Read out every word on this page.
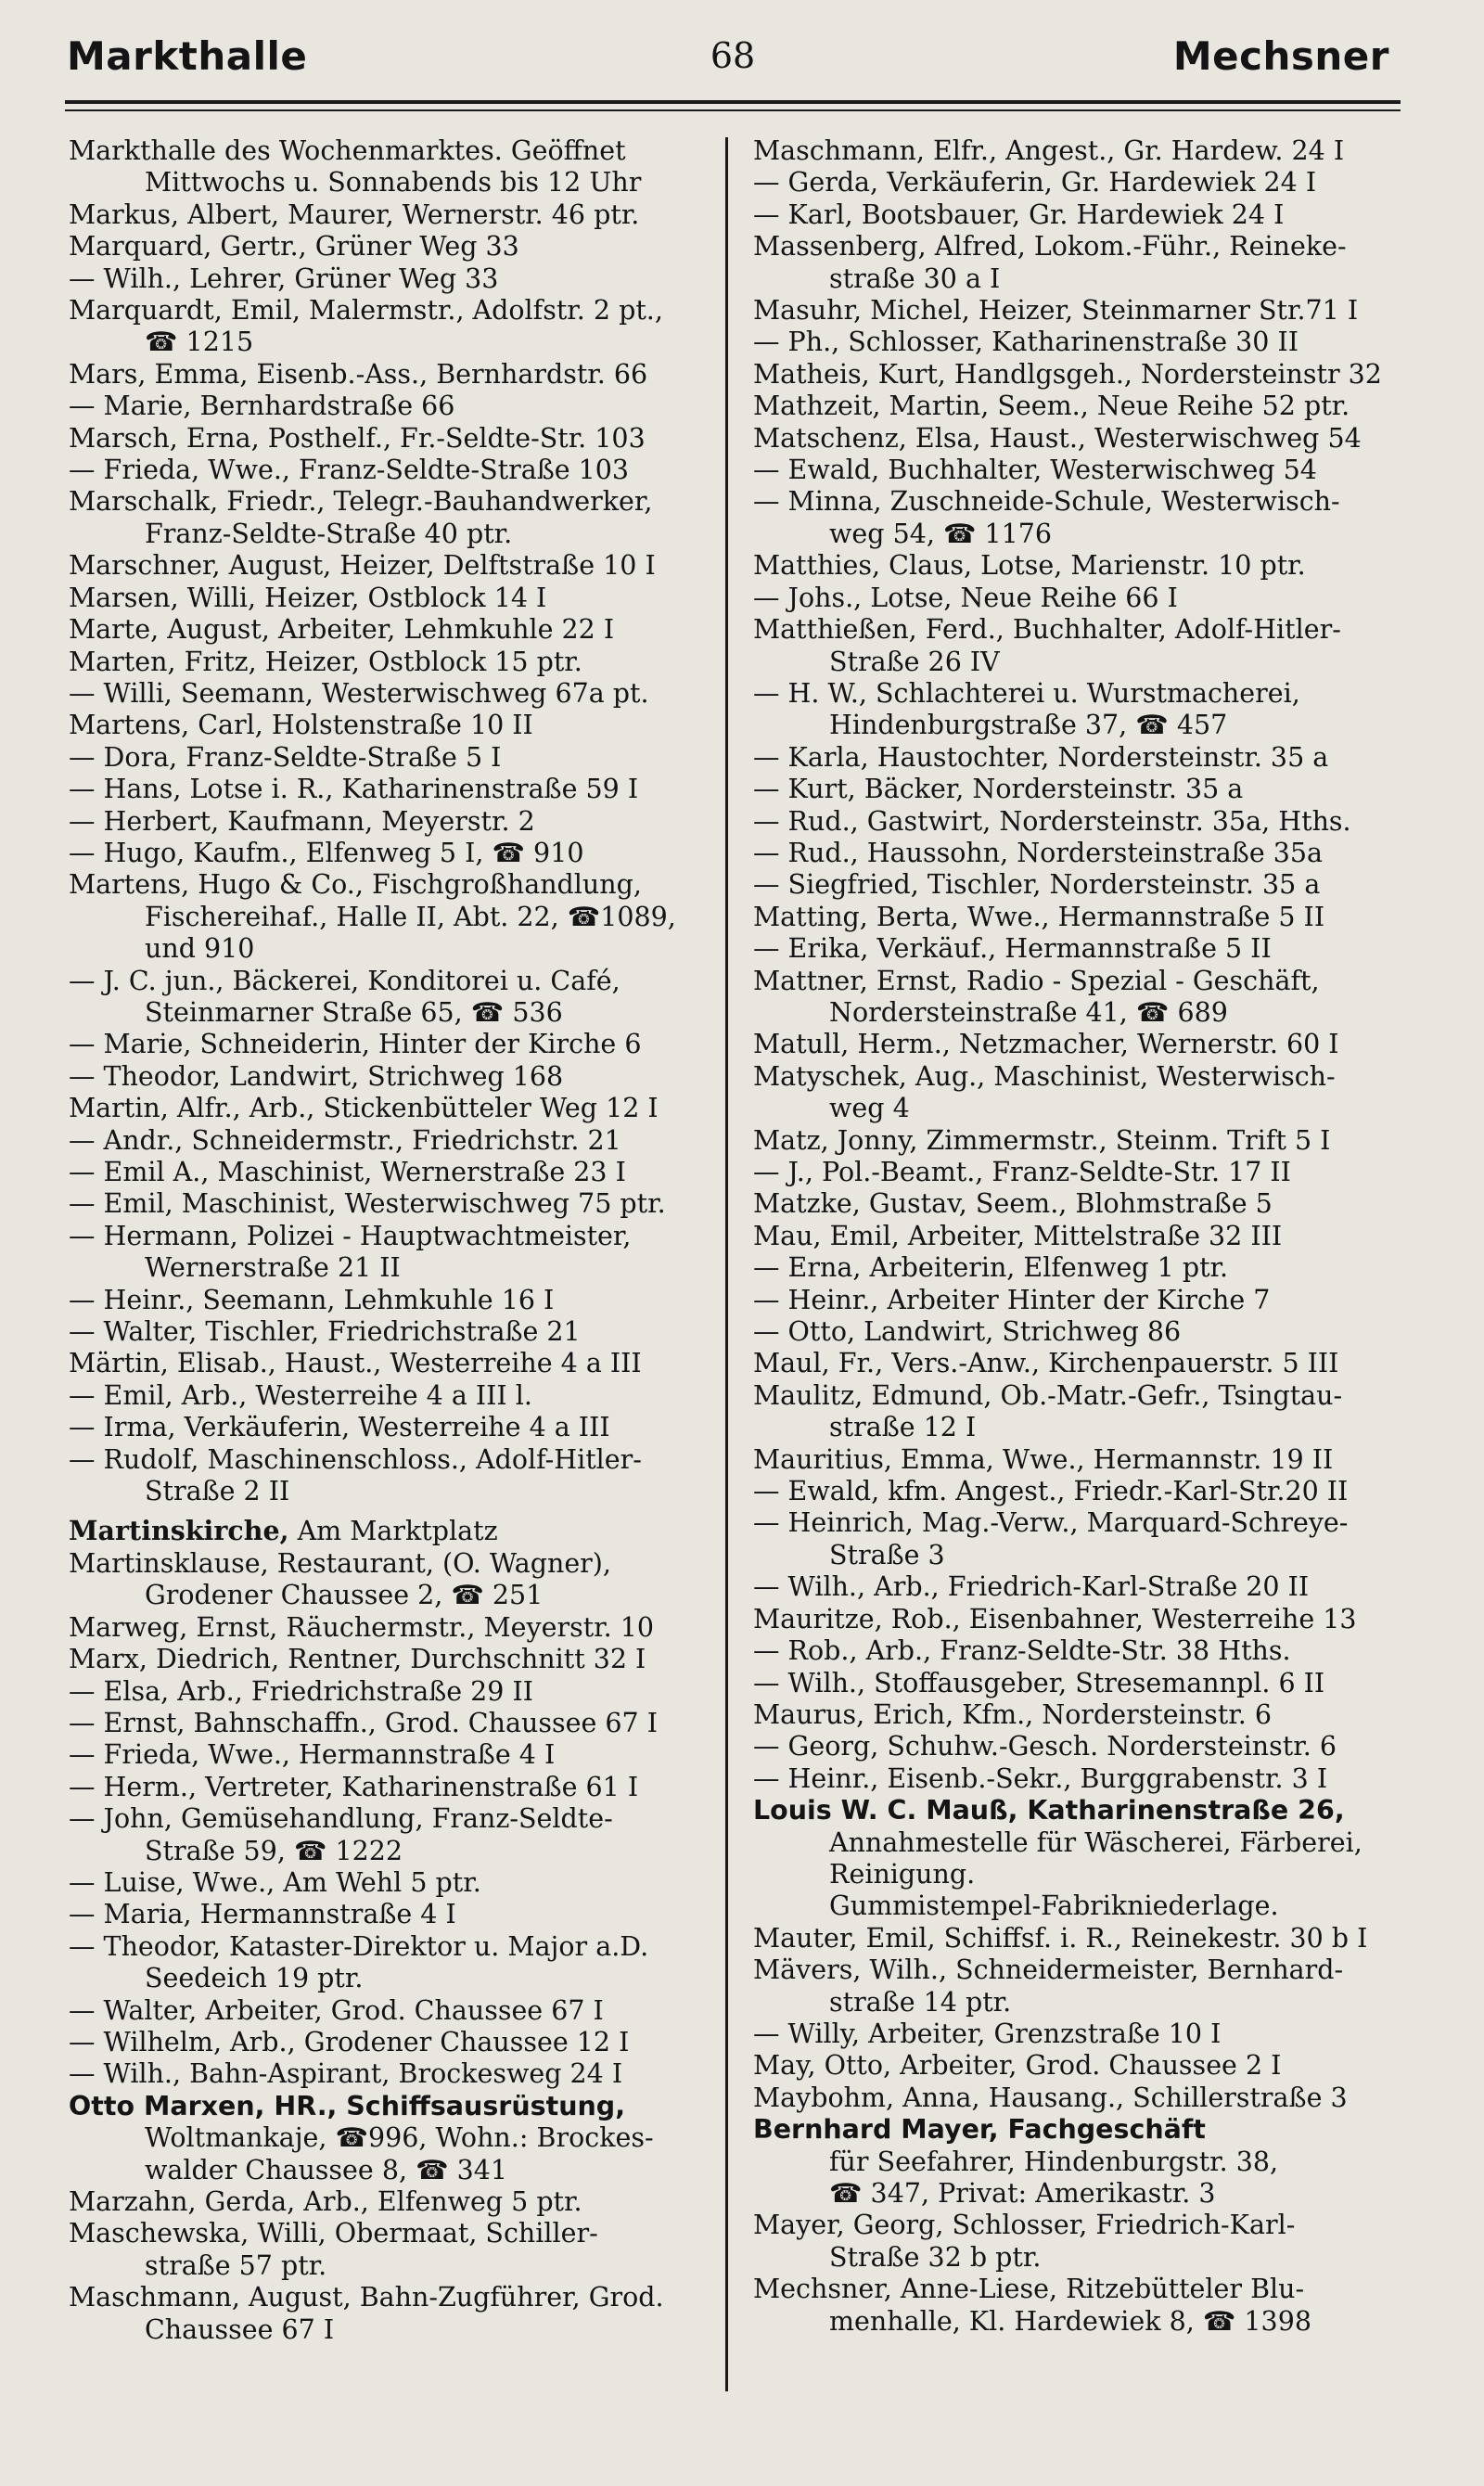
Markthalle	68	Mechsner
Markthalle des Wochenmarktes. Geöffnet
Mittwochs u. Sonnabends bis 12 Uhr
Markus, Albert, Maurer, Wernerstr. 46 ptr.
Marquard, Gertr., Grüner Weg 33
— Wilh., Lehrer, Grüner Weg 33
Marquardt, Emil, Malermstr., Adolfstr. 2 pt.,
☎ 1215
Mars, Emma, Eisenb.-Ass., Bernhardstr. 66
— Marie, Bernhardstraße 66
Marsch, Erna, Posthelf., Fr.-Seldte-Str. 103
— Frieda, Wwe., Franz-Seldte-Straße 103
Marschalk, Friedr., Telegr.-Bauhandwerker,
Franz-Seldte-Straße 40 ptr.
Marschner, August, Heizer, Delftstraße 10 I
Marsen, Willi, Heizer, Ostblock 14 I
Marte, August, Arbeiter, Lehmkuhle 22 I
Marten, Fritz, Heizer, Ostblock 15 ptr.
— Willi, Seemann, Westerwischweg 67a pt.
Martens, Carl, Holstenstraße 10 II
— Dora, Franz-Seldte-Straße 5 I
— Hans, Lotse i. R., Katharinenstraße 59 I
— Herbert, Kaufmann, Meyerstr. 2
— Hugo, Kaufm., Elfenweg 5 I, ☎ 910
Martens, Hugo & Co., Fischgroßhandlung,
Fischereihaf., Halle II, Abt. 22, ☎1089,
und 910
— J. C. jun., Bäckerei, Konditorei u. Café,
Steinmarner Straße 65, ☎ 536
— Marie, Schneiderin, Hinter der Kirche 6
— Theodor, Landwirt, Strichweg 168
Martin, Alfr., Arb., Stickenbütteler Weg 12 I
— Andr., Schneidermstr., Friedrichstr. 21
— Emil A., Maschinist, Wernerstraße 23 I
— Emil, Maschinist, Westerwischweg 75 ptr.
— Hermann, Polizei - Hauptwachtmeister,
Wernerstraße 21 II
— Heinr., Seemann, Lehmkuhle 16 I
— Walter, Tischler, Friedrichstraße 21
Märtin, Elisab., Haust., Westerreihe 4 a III
— Emil, Arb., Westerreihe 4 a III l.
— Irma, Verkäuferin, Westerreihe 4 a III
— Rudolf, Maschinenschloss., Adolf-Hitler-
Straße 2 II
Martinskirche, Am Marktplatz
Martinsklause, Restaurant, (O. Wagner),
Grodener Chaussee 2, ☎ 251
Marweg, Ernst, Räuchermstr., Meyerstr. 10
Marx, Diedrich, Rentner, Durchschnitt 32 I
— Elsa, Arb., Friedrichstraße 29 II
— Ernst, Bahnschaffn., Grod. Chaussee 67 I
— Frieda, Wwe., Hermannstraße 4 I
— Herm., Vertreter, Katharinenstraße 61 I
— John, Gemüsehandlung, Franz-Seldte-
Straße 59, ☎ 1222
— Luise, Wwe., Am Wehl 5 ptr.
— Maria, Hermannstraße 4 I
— Theodor, Kataster-Direktor u. Major a.D.
Seedeich 19 ptr.
— Walter, Arbeiter, Grod. Chaussee 67 I
— Wilhelm, Arb., Grodener Chaussee 12 I
— Wilh., Bahn-Aspirant, Brockesweg 24 I
Otto Marxen, HR., Schiffsausrüstung,
Woltmankaje, ☎996, Wohn.: Brockes-
walder Chaussee 8, ☎ 341
Marzahn, Gerda, Arb., Elfenweg 5 ptr.
Maschewska, Willi, Obermaat, Schiller-
straße 57 ptr.
Maschmann, August, Bahn-Zugführer, Grod.
Chaussee 67 I
Maschmann, Elfr., Angest., Gr. Hardew. 24 I
— Gerda, Verkäuferin, Gr. Hardewiek 24 I
— Karl, Bootsbauer, Gr. Hardewiek 24 I
Massenberg, Alfred, Lokom.-Führ., Reineke-
straße 30 a I
Masuhr, Michel, Heizer, Steinmarner Str.71 I
— Ph., Schlosser, Katharinenstraße 30 II
Matheis, Kurt, Handlgsgeh., Nordersteinstr 32
Mathzeit, Martin, Seem., Neue Reihe 52 ptr.
Matschenz, Elsa, Haust., Westerwischweg 54
— Ewald, Buchhalter, Westerwischweg 54
— Minna, Zuschneide-Schule, Westerwisch-
weg 54, ☎ 1176
Matthies, Claus, Lotse, Marienstr. 10 ptr.
— Johs., Lotse, Neue Reihe 66 I
Matthießen, Ferd., Buchhalter, Adolf-Hitler-
Straße 26 IV
— H. W., Schlachterei u. Wurstmacherei,
Hindenburgstraße 37, ☎ 457
— Karla, Haustochter, Nordersteinstr. 35 a
— Kurt, Bäcker, Nordersteinstr. 35 a
— Rud., Gastwirt, Nordersteinstr. 35a, Hths.
— Rud., Haussohn, Nordersteinstraße 35a
— Siegfried, Tischler, Nordersteinstr. 35 a
Matting, Berta, Wwe., Hermannstraße 5 II
— Erika, Verkäuf., Hermannstraße 5 II
Mattner, Ernst, Radio - Spezial - Geschäft,
Nordersteinstraße 41, ☎ 689
Matull, Herm., Netzmacher, Wernerstr. 60 I
Matyschek, Aug., Maschinist, Westerwisch-
weg 4
Matz, Jonny, Zimmermstr., Steinm. Trift 5 I
— J., Pol.-Beamt., Franz-Seldte-Str. 17 II
Matzke, Gustav, Seem., Blohmstraße 5
Mau, Emil, Arbeiter, Mittelstraße 32 III
— Erna, Arbeiterin, Elfenweg 1 ptr.
— Heinr., Arbeiter Hinter der Kirche 7
— Otto, Landwirt, Strichweg 86
Maul, Fr., Vers.-Anw., Kirchenpauerstr. 5 III
Maulitz, Edmund, Ob.-Matr.-Gefr., Tsingtau-
straße 12 I
Mauritius, Emma, Wwe., Hermannstr. 19 II
— Ewald, kfm. Angest., Friedr.-Karl-Str.20 II
— Heinrich, Mag.-Verw., Marquard-Schreye-
Straße 3
— Wilh., Arb., Friedrich-Karl-Straße 20 II
Mauritze, Rob., Eisenbahner, Westerreihe 13
— Rob., Arb., Franz-Seldte-Str. 38 Hths.
— Wilh., Stoffausgeber, Stresemannpl. 6 II
Maurus, Erich, Kfm., Nordersteinstr. 6
— Georg, Schuhw.-Gesch. Nordersteinstr. 6
— Heinr., Eisenb.-Sekr., Burggrabenstr. 3 I
Louis W. C. Mauß, Katharinenstraße 26,
Annahmestelle für Wäscherei, Färberei,
Reinigung.
Gummistempel-Fabrikniederlage.
Mauter, Emil, Schiffsf. i. R., Reinekestr. 30 b I
Mävers, Wilh., Schneidermeister, Bernhard-
straße 14 ptr.
— Willy, Arbeiter, Grenzstraße 10 I
May, Otto, Arbeiter, Grod. Chaussee 2 I
Maybohm, Anna, Hausang., Schillerstraße 3
Bernhard Mayer, Fachgeschäft
für Seefahrer, Hindenburgstr. 38,
☎ 347, Privat: Amerikastr. 3
Mayer, Georg, Schlosser, Friedrich-Karl-
Straße 32 b ptr.
Mechsner, Anne-Liese, Ritzebütteler Blu-
menhalle, Kl. Hardewiek 8, ☎ 1398
